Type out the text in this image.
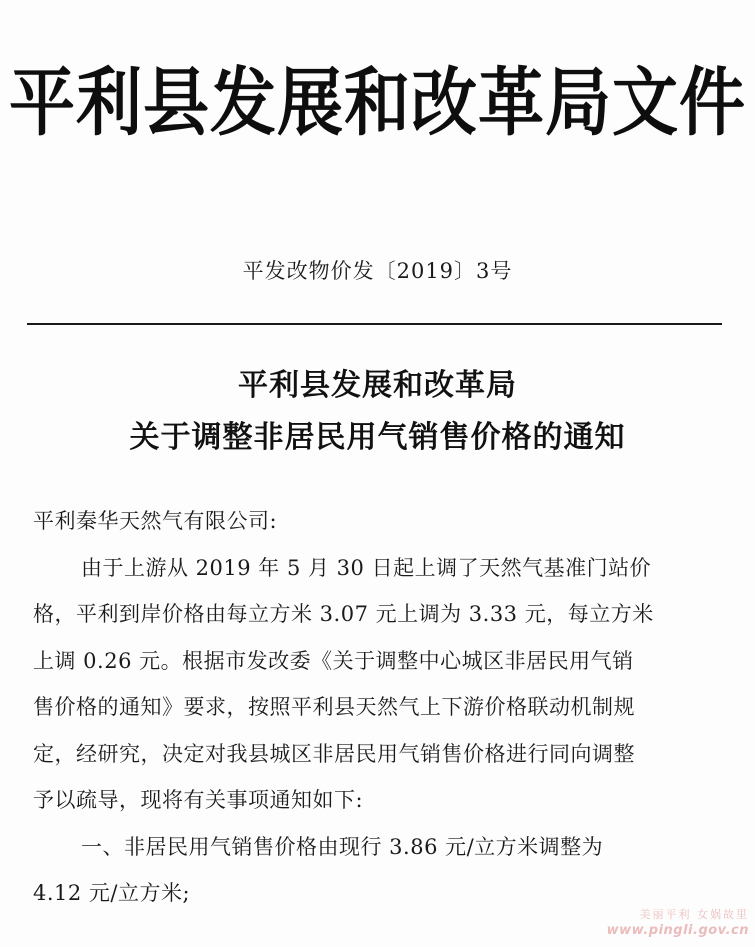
平利县发展和改革局文件
平发改物价发〔2019〕3号
平利县发展和改革局
关于调整非居民用气销售价格的通知
平利秦华天然气有限公司:
由于上游从 2019 年 5 月 30 日起上调了天然气基准门站价
格，平利到岸价格由每立方米 3.07 元上调为 3.33 元，每立方米
上调 0.26 元。根据市发改委《关于调整中心城区非居民用气销
售价格的通知》要求，按照平利县天然气上下游价格联动机制规
定，经研究，决定对我县城区非居民用气销售价格进行同向调整
予以疏导，现将有关事项通知如下:
一、非居民用气销售价格由现行 3.86 元/立方米调整为
4.12 元/立方米;
美丽平利 女娲故里
www.pingli.gov.cn
